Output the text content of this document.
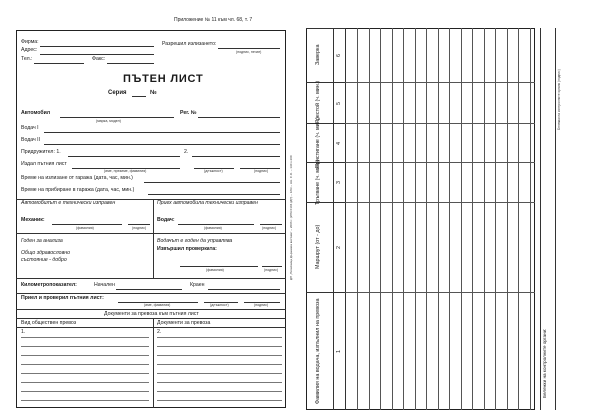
Приложение № 11 към чл. 68, т. 7
Фирма:	Разрешил излизането:
(подпис, печат)
Адрес:
Тел.:	Факс:
ПЪТЕН ЛИСТ
Серия	№
Автомобил
(марка, модел)
Рег. №
Водач I
Водач II
Придружител: 1.	2.
Издал пътния лист
(име, презиме, фамилия)	(длъжност)	(подпис)
Време на излизане от гаража (дата, час, мин.)
Време на прибиране в гаража (дата, час, мин.)
Автомобилът е технически изправен	Приех автомобила технически изправен
Механик:
(фамилия)	(подпис)
Водач:
(фамилия)	(подпис)
Годен за анализа
Общо здравословно
състояние - добро
Водачът е годен да управлява
Извършил проверката:
(фамилия)	(подпис)
Километропоказател:	Начален	Краен
Приел и проверил пътния лист:
(име, фамилия)	(длъжност)	(подпис)
Документи за превоза към пътния лист
Вид обществен превоз	Документи за превоза
1.	2.
ДП „Печатница Държавен вестник“ – 2006 г. (ИПК 0104 (ДП) – 1/03 – НН. С.О. – 130 x 200
Фамилия на водача, изпълнил на превоза	1
Маршрут (от - до)	2
Тръгване (ч. мин.)	3
Пристигане (ч. мин.)	4
Престой (ч. мин.)	5
Заверка	6
Бележки на контролните органи:
Бележки на контролните органи (подпис)
